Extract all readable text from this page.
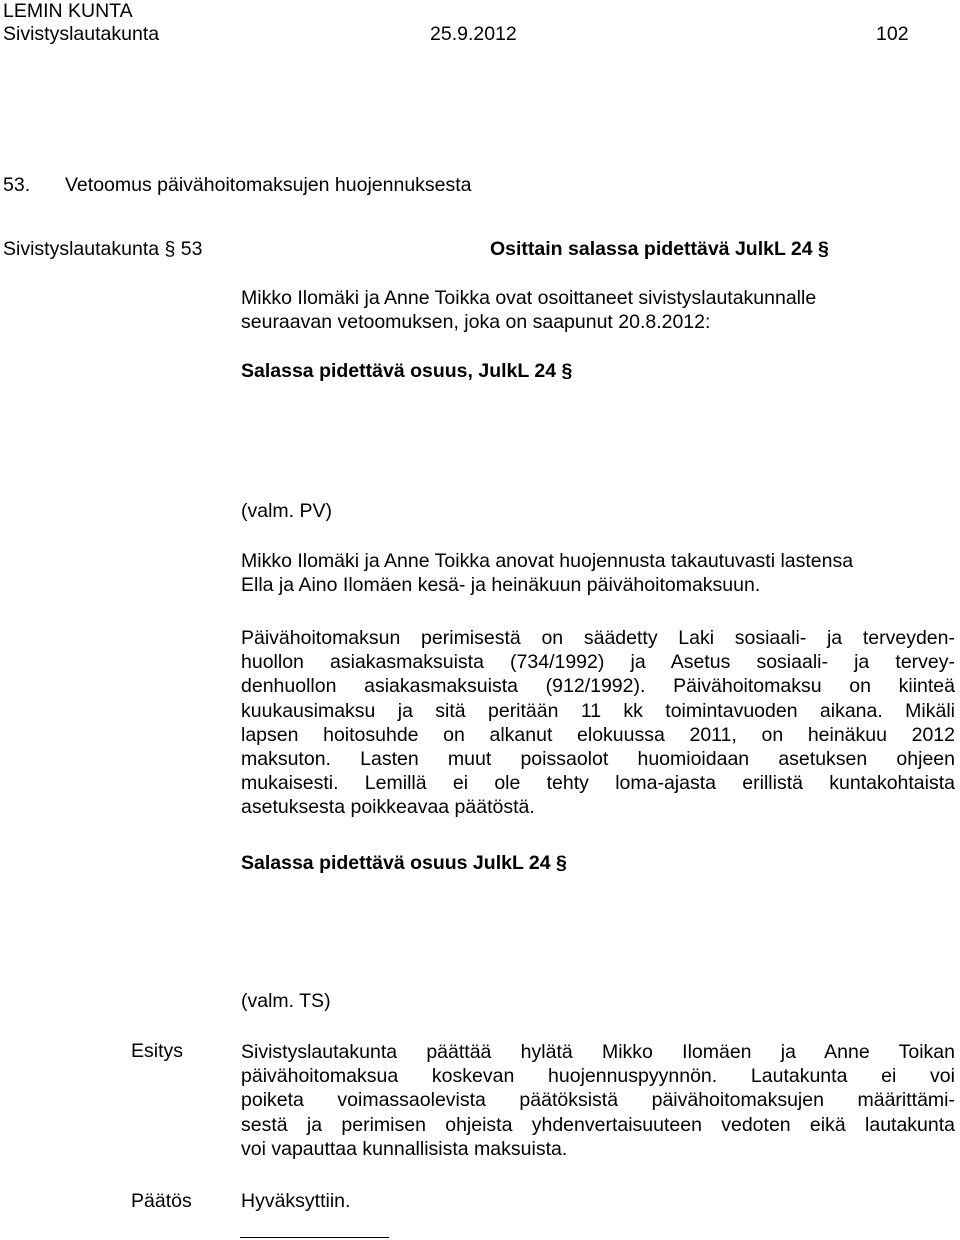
LEMIN KUNTA
Sivistyslautakunta	25.9.2012	102
53. Vetoomus päivähoitomaksujen huojennuksesta
Sivistyslautakunta § 53	Osittain salassa pidettävä JulkL 24 §
Mikko Ilomäki ja Anne Toikka ovat osoittaneet sivistyslautakunnalle
seuraavan vetoomuksen, joka on saapunut 20.8.2012:
Salassa pidettävä osuus, JulkL 24 §
(valm. PV)
Mikko Ilomäki ja Anne Toikka anovat huojennusta takautuvasti lastensa
Ella ja Aino Ilomäen kesä- ja heinäkuun päivähoitomaksuun.
Päivähoitomaksun perimisestä on säädetty Laki sosiaali- ja terveyden-
huollon asiakasmaksuista (734/1992) ja Asetus sosiaali- ja tervey-
denhuollon asiakasmaksuista (912/1992). Päivähoitomaksu on kiinteä
kuukausimaksu ja sitä peritään 11 kk toimintavuoden aikana. Mikäli
lapsen hoitosuhde on alkanut elokuussa 2011, on heinäkuu 2012
maksuton. Lasten muut poissaolot huomioidaan asetuksen ohjeen
mukaisesti. Lemillä ei ole tehty loma-ajasta erillistä kuntakohtaista
asetuksesta poikkeavaa päätöstä.
Salassa pidettävä osuus JulkL 24 §
(valm. TS)
Esitys	Sivistyslautakunta päättää hylätä Mikko Ilomäen ja Anne Toikan
päivähoitomaksua koskevan huojennuspyynnön. Lautakunta ei voi
poiketa voimassaolevista päätöksistä päivähoitomaksujen määrittämi-
sestä ja perimisen ohjeista yhdenvertaisuuteen vedoten eikä lautakunta
voi vapauttaa kunnallisista maksuista.
Päätös	Hyväksyttiin.
